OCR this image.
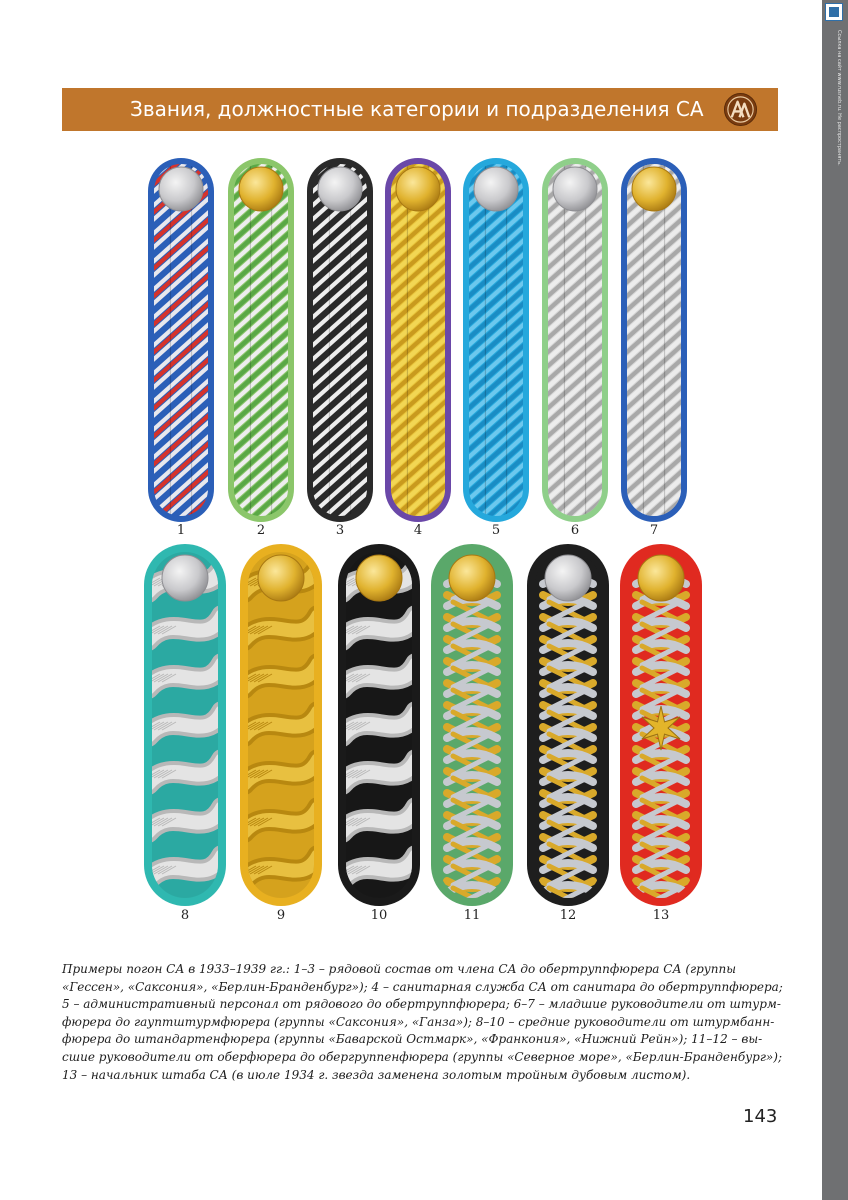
Ссылка на сайт www.rusneb.ru. Не распространять.
Звания, должностные категории и подразделения СА
1	2	3	4	5	6	7
8	9	10	11	12	13

Примеры погон СА в 1933–1939 гг.: 1–3 – рядовой состав от члена СА до обертруппфюрера СА (группы

«Гессен», «Саксония», «Берлин-Бранденбург»); 4 – санитарная служба СА от санитара до обертруппфюрера;

5 – административный персонал от рядового до обертруппфюрера; 6–7 – младшие руководители от штурм-

фюрера до гауптштурмфюрера (группы «Саксония», «Ганза»); 8–10 – средние руководители от штурмбанн-

фюрера до штандартенфюрера (группы «Баварской Остмарк», «Франкония», «Нижний Рейн»); 11–12 – вы-

сшие руководители от оберфюрера до обергруппенфюрера (группы «Северное море», «Берлин-Бранденбург»);

13 – начальник штаба СА (в июле 1934 г. звезда заменена золотым тройным дубовым листом).

143
